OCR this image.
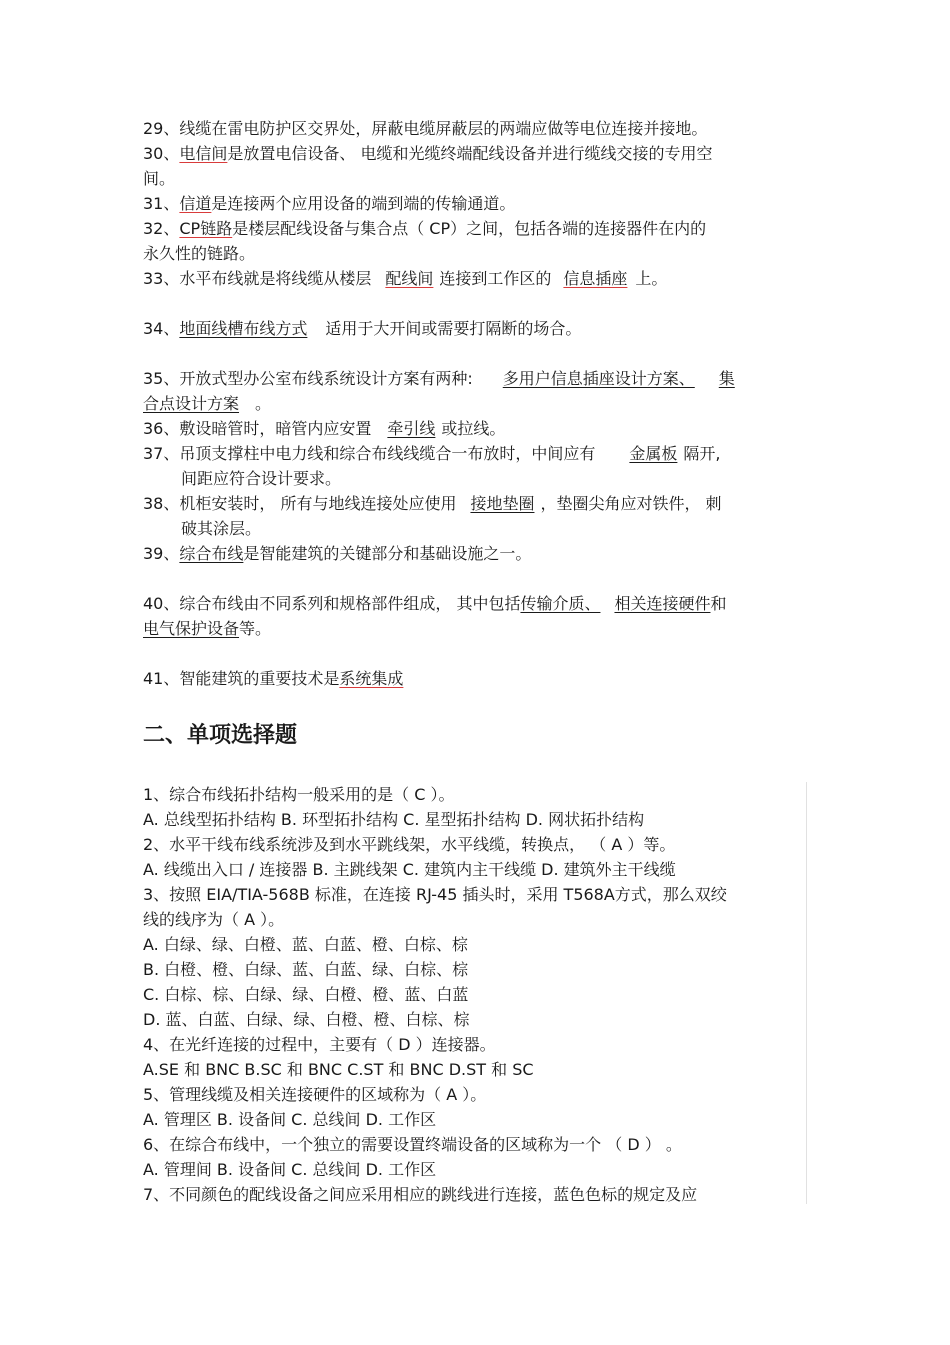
29、线缆在雷电防护区交界处，屏蔽电缆屏蔽层的两端应做等电位连接并接地。

30、电信间是放置电信设备、 电缆和光缆终端配线设备并进行缆线交接的专用空

间。

31、信道是连接两个应用设备的端到端的传输通道。

32、CP链路是楼层配线设备与集合点（ CP）之间，包括各端的连接器件在内的

永久性的链路。

33、水平布线就是将线缆从楼层 配线间 连接到工作区的 信息插座 上。

34、地面线槽布线方式 适用于大开间或需要打隔断的场合。

35、开放式型办公室布线系统设计方案有两种: 多用户信息插座设计方案、 集

合点设计方案 。

36、敷设暗管时，暗管内应安置 牵引线 或拉线。

37、吊顶支撑柱中电力线和综合布线线缆合一布放时，中间应有 金属板 隔开,

间距应符合设计要求。

38、机柜安装时， 所有与地线连接处应使用 接地垫圈 ，垫圈尖角应对铁件， 刺

破其涂层。

39、综合布线是智能建筑的关键部分和基础设施之一。

40、综合布线由不同系列和规格部件组成， 其中包括传输介质、 相关连接硬件和

电气保护设备等。

41、智能建筑的重要技术是系统集成

二、单项选择题

1、综合布线拓扑结构一般采用的是（ C ）。

A. 总线型拓扑结构 B. 环型拓扑结构 C. 星型拓扑结构 D. 网状拓扑结构

2、水平干线布线系统涉及到水平跳线架，水平线缆，转换点， （ A ）等。

A. 线缆出入口 / 连接器 B. 主跳线架 C. 建筑内主干线缆 D. 建筑外主干线缆

3、按照 EIA/TIA-568B 标准，在连接 RJ-45 插头时，采用 T568A方式，那么双绞

线的线序为（ A ）。

A. 白绿、绿、白橙、蓝、白蓝、橙、白棕、棕

B. 白橙、橙、白绿、蓝、白蓝、绿、白棕、棕

C. 白棕、棕、白绿、绿、白橙、橙、蓝、白蓝

D. 蓝、白蓝、白绿、绿、白橙、橙、白棕、棕

4、在光纤连接的过程中，主要有（ D ）连接器。

A.SE 和 BNC B.SC 和 BNC C.ST 和 BNC D.ST 和 SC

5、管理线缆及相关连接硬件的区域称为（ A ）。

A. 管理区 B. 设备间 C. 总线间 D. 工作区

6、在综合布线中，一个独立的需要设置终端设备的区域称为一个 （ D ） 。

A. 管理间 B. 设备间 C. 总线间 D. 工作区

7、不同颜色的配线设备之间应采用相应的跳线进行连接，蓝色色标的规定及应
